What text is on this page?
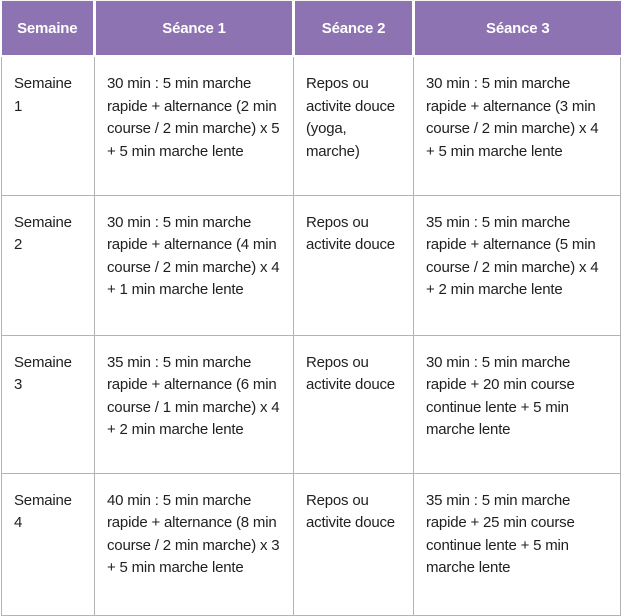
Semaine	Séance 1	Séance 2	Séance 3
Semaine 1	30 min : 5 min marche rapide + alternance (2 min course / 2 min marche) x 5 + 5 min marche lente	Repos ou activite douce (yoga, marche)	30 min : 5 min marche rapide + alternance (3 min course / 2 min marche) x 4 + 5 min marche lente
Semaine 2	30 min : 5 min marche rapide + alternance (4 min course / 2 min marche) x 4 + 1 min marche lente	Repos ou activite douce	35 min : 5 min marche rapide + alternance (5 min course / 2 min marche) x 4 + 2 min marche lente
Semaine 3	35 min : 5 min marche rapide + alternance (6 min course / 1 min marche) x 4 + 2 min marche lente	Repos ou activite douce	30 min : 5 min marche rapide + 20 min course continue lente + 5 min marche lente
Semaine 4	40 min : 5 min marche rapide + alternance (8 min course / 2 min marche) x 3 + 5 min marche lente	Repos ou activite douce	35 min : 5 min marche rapide + 25 min course continue lente + 5 min marche lente
